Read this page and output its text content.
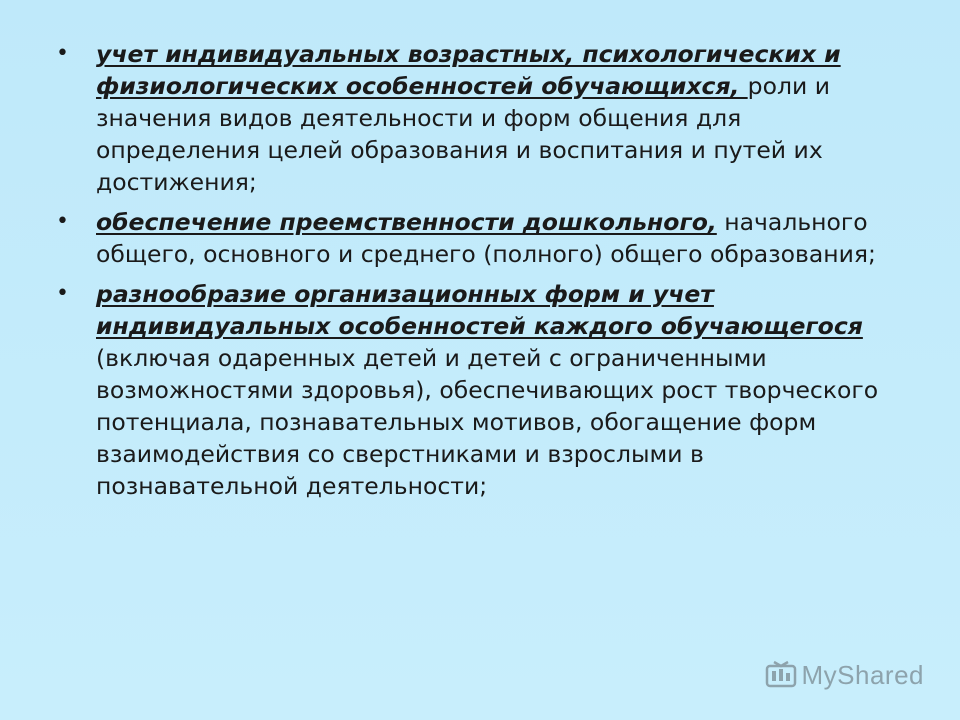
• учет индивидуальных возрастных, психологических и физиологических особенностей обучающихся, роли и значения видов деятельности и форм общения для определения целей образования и воспитания и путей их достижения;
• обеспечение преемственности дошкольного, начального общего, основного и среднего (полного) общего образования;
• разнообразие организационных форм и учет индивидуальных особенностей каждого обучающегося (включая одаренных детей и детей с ограниченными возможностями здоровья), обеспечивающих рост творческого потенциала, познавательных мотивов, обогащение форм взаимодействия со сверстниками и взрослыми в познавательной деятельности;
MyShared
